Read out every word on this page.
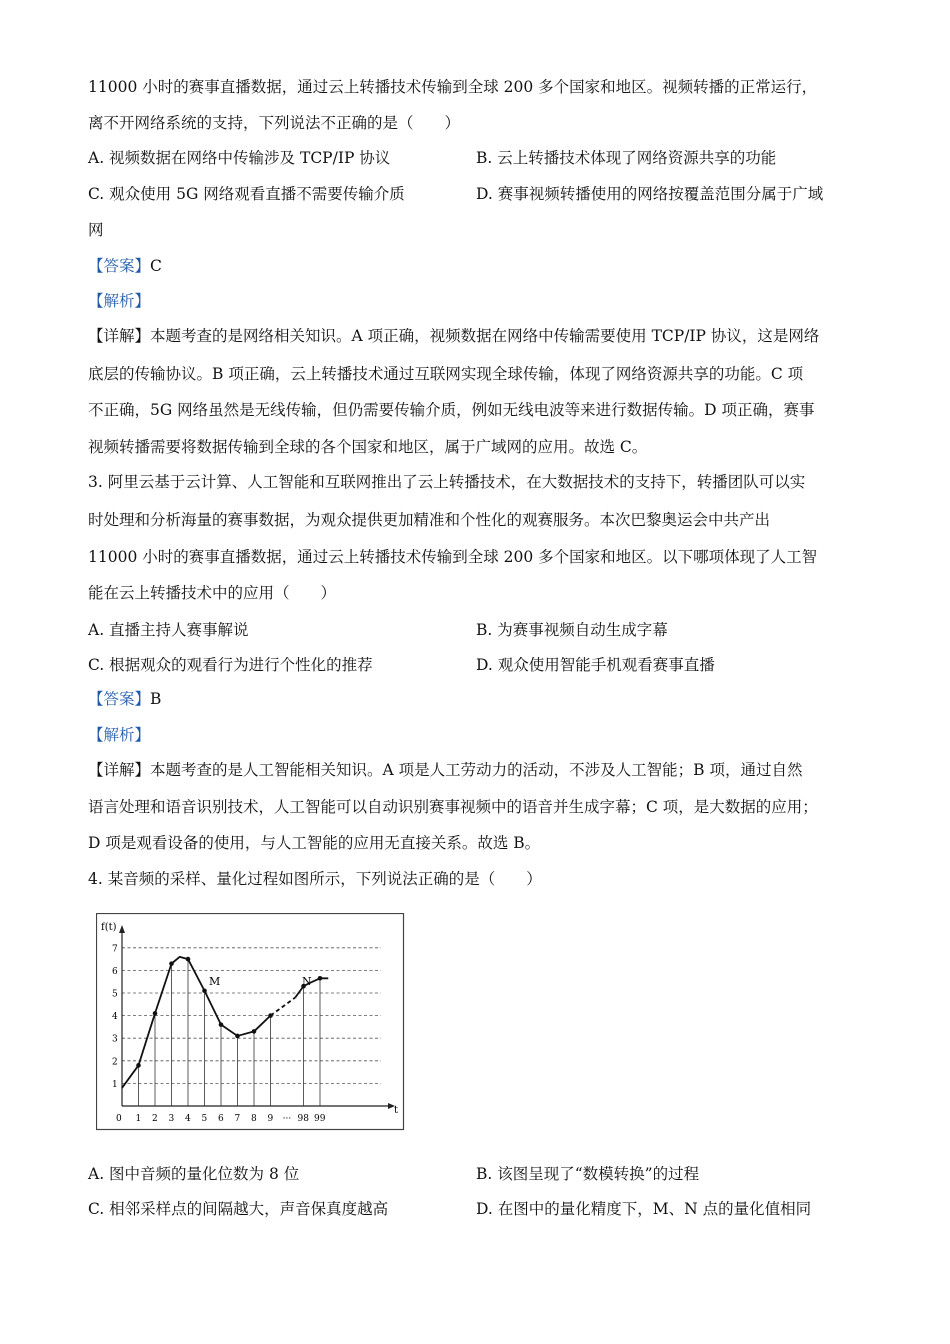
11000 小时的赛事直播数据，通过云上转播技术传输到全球 200 多个国家和地区。视频转播的正常运行，
离不开网络系统的支持，下列说法不正确的是（　　）
A. 视频数据在网络中传输涉及 TCP/IP 协议	B. 云上转播技术体现了网络资源共享的功能
C. 观众使用 5G 网络观看直播不需要传输介质	D. 赛事视频转播使用的网络按覆盖范围分属于广域
网
【答案】C
【解析】
【详解】本题考查的是网络相关知识。A 项正确，视频数据在网络中传输需要使用 TCP/IP 协议，这是网络
底层的传输协议。B 项正确，云上转播技术通过互联网实现全球传输，体现了网络资源共享的功能。C 项
不正确，5G 网络虽然是无线传输，但仍需要传输介质，例如无线电波等来进行数据传输。D 项正确，赛事
视频转播需要将数据传输到全球的各个国家和地区，属于广域网的应用。故选 C。
3. 阿里云基于云计算、人工智能和互联网推出了云上转播技术，在大数据技术的支持下，转播团队可以实
时处理和分析海量的赛事数据，为观众提供更加精准和个性化的观赛服务。本次巴黎奥运会中共产出
11000 小时的赛事直播数据，通过云上转播技术传输到全球 200 多个国家和地区。以下哪项体现了人工智
能在云上转播技术中的应用（　　）
A. 直播主持人赛事解说	B. 为赛事视频自动生成字幕
C. 根据观众的观看行为进行个性化的推荐	D. 观众使用智能手机观看赛事直播
【答案】B
【解析】
【详解】本题考查的是人工智能相关知识。A 项是人工劳动力的活动，不涉及人工智能；B 项，通过自然
语言处理和语音识别技术，人工智能可以自动识别赛事视频中的语音并生成字幕；C 项，是大数据的应用；
D 项是观看设备的使用，与人工智能的应用无直接关系。故选 B。
4. 某音频的采样、量化过程如图所示，下列说法正确的是（　　）
f(t)
t
1
2
3
4
5
6
7
0 1 2 3 4 5 6 7 8 9 ··· 98 99
M	N
A. 图中音频的量化位数为 8 位	B. 该图呈现了“数模转换”的过程
C. 相邻采样点的间隔越大，声音保真度越高	D. 在图中的量化精度下，M、N 点的量化值相同
